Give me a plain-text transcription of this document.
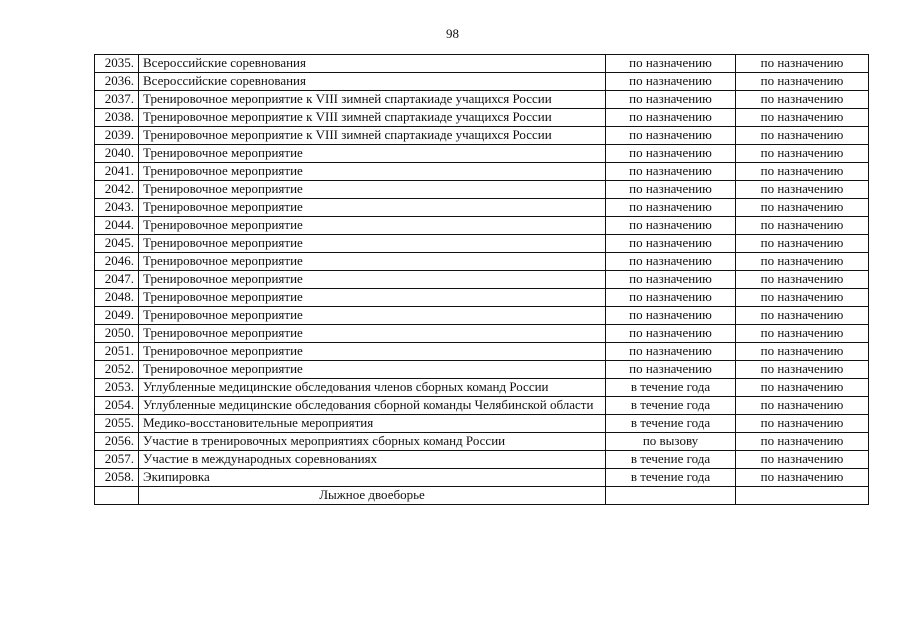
98
2035.	Всероссийские соревнования	по назначению	по назначению
2036.	Всероссийские соревнования	по назначению	по назначению
2037.	Тренировочное мероприятие к VIII зимней спартакиаде учащихся России	по назначению	по назначению
2038.	Тренировочное мероприятие к VIII зимней спартакиаде учащихся России	по назначению	по назначению
2039.	Тренировочное мероприятие к VIII зимней спартакиаде учащихся России	по назначению	по назначению
2040.	Тренировочное мероприятие	по назначению	по назначению
2041.	Тренировочное мероприятие	по назначению	по назначению
2042.	Тренировочное мероприятие	по назначению	по назначению
2043.	Тренировочное мероприятие	по назначению	по назначению
2044.	Тренировочное мероприятие	по назначению	по назначению
2045.	Тренировочное мероприятие	по назначению	по назначению
2046.	Тренировочное мероприятие	по назначению	по назначению
2047.	Тренировочное мероприятие	по назначению	по назначению
2048.	Тренировочное мероприятие	по назначению	по назначению
2049.	Тренировочное мероприятие	по назначению	по назначению
2050.	Тренировочное мероприятие	по назначению	по назначению
2051.	Тренировочное мероприятие	по назначению	по назначению
2052.	Тренировочное мероприятие	по назначению	по назначению
2053.	Углубленные медицинские обследования членов сборных команд России	в течение года	по назначению
2054.	Углубленные медицинские обследования сборной команды Челябинской области	в течение года	по назначению
2055.	Медико-восстановительные мероприятия	в течение года	по назначению
2056.	Участие в тренировочных мероприятиях сборных команд России	по вызову	по назначению
2057.	Участие в международных соревнованиях	в течение года	по назначению
2058.	Экипировка	в течение года	по назначению
	Лыжное двоеборье		
